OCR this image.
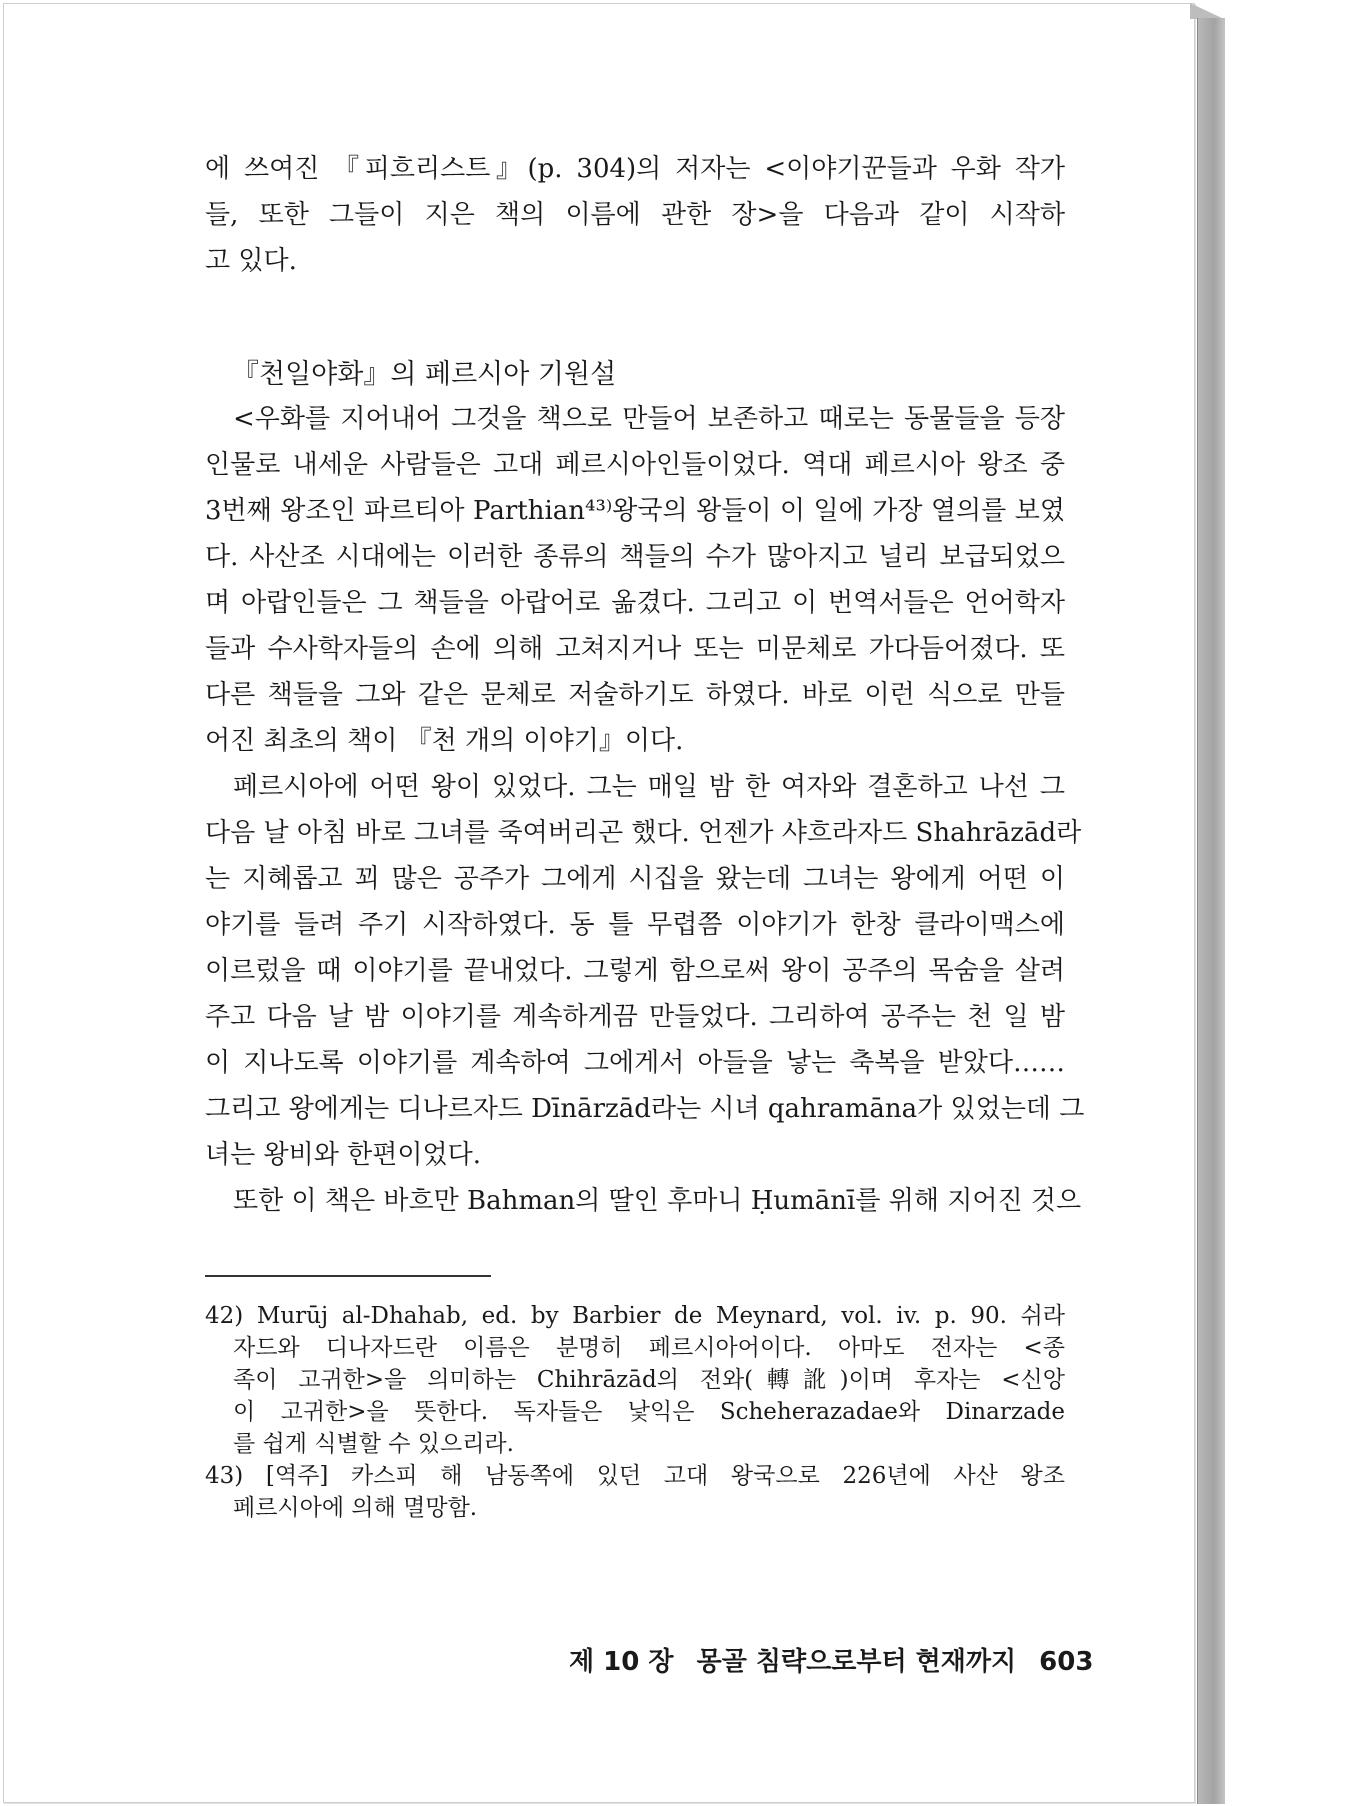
에 쓰여진 『피흐리스트』(p. 304)의 저자는 <이야기꾼들과 우화 작가
들, 또한 그들이 지은 책의 이름에 관한 장>을 다음과 같이 시작하
고 있다.
『천일야화』의 페르시아 기원설
<우화를 지어내어 그것을 책으로 만들어 보존하고 때로는 동물들을 등장
인물로 내세운 사람들은 고대 페르시아인들이었다. 역대 페르시아 왕조 중
3번째 왕조인 파르티아 Parthian⁴³⁾왕국의 왕들이 이 일에 가장 열의를 보였
다. 사산조 시대에는 이러한 종류의 책들의 수가 많아지고 널리 보급되었으
며 아랍인들은 그 책들을 아랍어로 옮겼다. 그리고 이 번역서들은 언어학자
들과 수사학자들의 손에 의해 고쳐지거나 또는 미문체로 가다듬어졌다. 또
다른 책들을 그와 같은 문체로 저술하기도 하였다. 바로 이런 식으로 만들
어진 최초의 책이 『천 개의 이야기』이다.
페르시아에 어떤 왕이 있었다. 그는 매일 밤 한 여자와 결혼하고 나선 그
다음 날 아침 바로 그녀를 죽여버리곤 했다. 언젠가 샤흐라자드 Shahrāzād라
는 지혜롭고 꾀 많은 공주가 그에게 시집을 왔는데 그녀는 왕에게 어떤 이
야기를 들려 주기 시작하였다. 동 틀 무렵쯤 이야기가 한창 클라이맥스에
이르렀을 때 이야기를 끝내었다. 그렇게 함으로써 왕이 공주의 목숨을 살려
주고 다음 날 밤 이야기를 계속하게끔 만들었다. 그리하여 공주는 천 일 밤
이 지나도록 이야기를 계속하여 그에게서 아들을 낳는 축복을 받았다……
그리고 왕에게는 디나르자드 Dīnārzād라는 시녀 qahramāna가 있었는데 그
녀는 왕비와 한편이었다.
또한 이 책은 바흐만 Bahman의 딸인 후마니 Ḥumānī를 위해 지어진 것으
42) Murūj al-Dhahab, ed. by Barbier de Meynard, vol. iv. p. 90. 쉬라
자드와 디나자드란 이름은 분명히 페르시아어이다. 아마도 전자는 <종
족이 고귀한>을 의미하는 Chihrāzād의 전와(轉訛)이며 후자는 <신앙
이 고귀한>을 뜻한다. 독자들은 낯익은 Scheherazadae와 Dinarzade
를 쉽게 식별할 수 있으리라.
43) [역주] 카스피 해 남동쪽에 있던 고대 왕국으로 226년에 사산 왕조
페르시아에 의해 멸망함.
제 10 장 몽골 침략으로부터 현재까지 603
